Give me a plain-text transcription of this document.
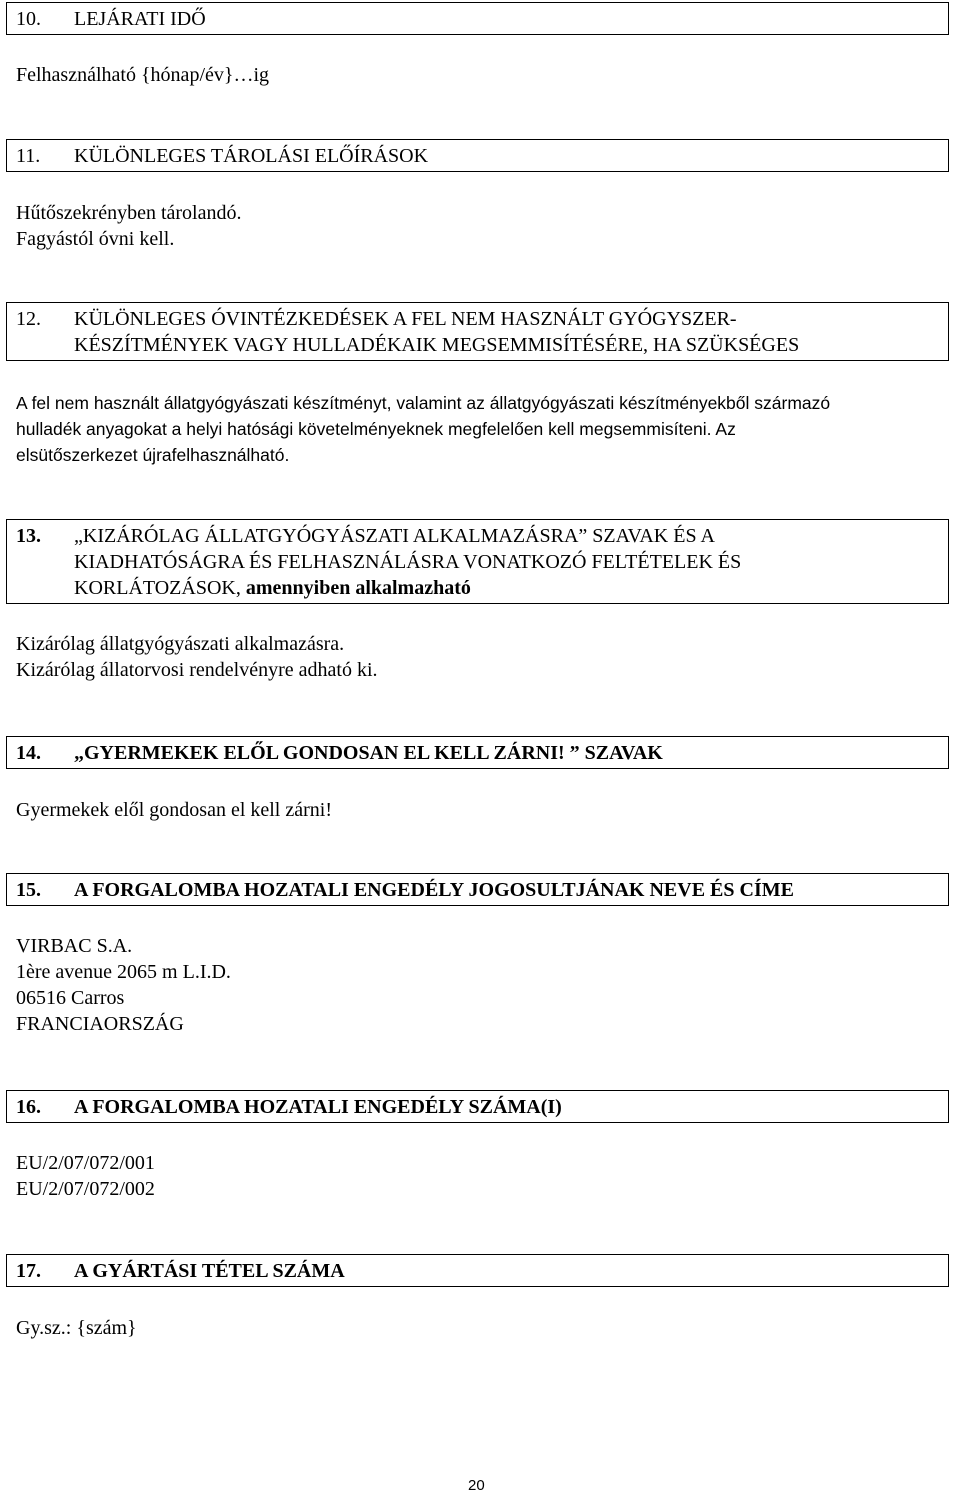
10. LEJÁRATI IDŐ
Felhasználható {hónap/év}…ig
11. KÜLÖNLEGES TÁROLÁSI ELŐÍRÁSOK
Hűtőszekrényben tárolandó.
Fagyástól óvni kell.
12. KÜLÖNLEGES ÓVINTÉZKEDÉSEK A FEL NEM HASZNÁLT GYÓGYSZER-
KÉSZÍTMÉNYEK VAGY HULLADÉKAIK MEGSEMMISÍTÉSÉRE, HA SZÜKSÉGES
A fel nem használt állatgyógyászati készítményt, valamint az állatgyógyászati készítményekből származó
hulladék anyagokat a helyi hatósági követelményeknek megfelelően kell megsemmisíteni. Az
elsütőszerkezet újrafelhasználható.
13. „KIZÁRÓLAG ÁLLATGYÓGYÁSZATI ALKALMAZÁSRA” SZAVAK ÉS A
KIADHATÓSÁGRA ÉS FELHASZNÁLÁSRA VONATKOZÓ FELTÉTELEK ÉS
KORLÁTOZÁSOK, amennyiben alkalmazható
Kizárólag állatgyógyászati alkalmazásra.
Kizárólag állatorvosi rendelvényre adható ki.
14. „GYERMEKEK ELŐL GONDOSAN EL KELL ZÁRNI! ” SZAVAK
Gyermekek elől gondosan el kell zárni!
15. A FORGALOMBA HOZATALI ENGEDÉLY JOGOSULTJÁNAK NEVE ÉS CÍME
VIRBAC S.A.
1ère avenue 2065 m L.I.D.
06516 Carros
FRANCIAORSZÁG
16. A FORGALOMBA HOZATALI ENGEDÉLY SZÁMA(I)
EU/2/07/072/001
EU/2/07/072/002
17. A GYÁRTÁSI TÉTEL SZÁMA
Gy.sz.: {szám}
20
